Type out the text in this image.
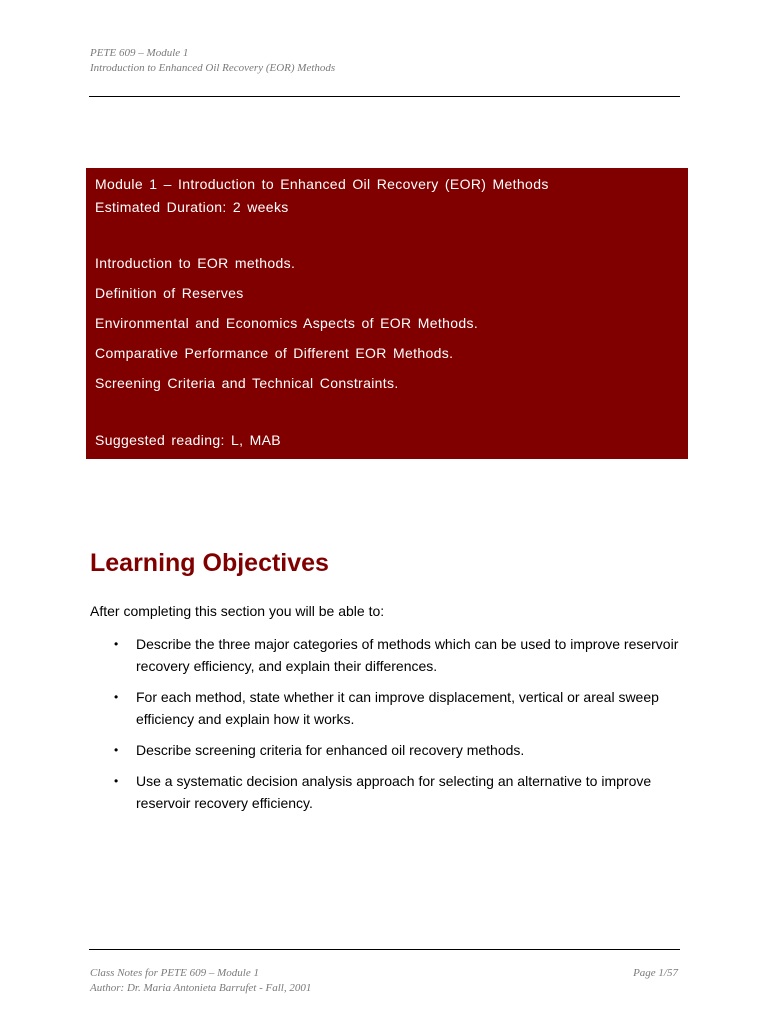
PETE 609 – Module 1
Introduction to Enhanced Oil Recovery (EOR) Methods
Module 1 – Introduction to Enhanced Oil Recovery (EOR) Methods
Estimated Duration: 2 weeks
Introduction to EOR methods.
Definition of Reserves
Environmental and Economics Aspects of EOR Methods.
Comparative Performance of Different EOR Methods.
Screening Criteria and Technical Constraints.
Suggested reading: L, MAB
Learning Objectives

After completing this section you will be able to:

• Describe the three major categories of methods which can be used to improve reservoir recovery efficiency, and explain their differences.
• For each method, state whether it can improve displacement, vertical or areal sweep efficiency and explain how it works.
• Describe screening criteria for enhanced oil recovery methods.
• Use a systematic decision analysis approach for selecting an alternative to improve reservoir recovery efficiency.
Class Notes for PETE 609 – Module 1
Author: Dr. Maria Antonieta Barrufet - Fall, 2001
Page 1/57
